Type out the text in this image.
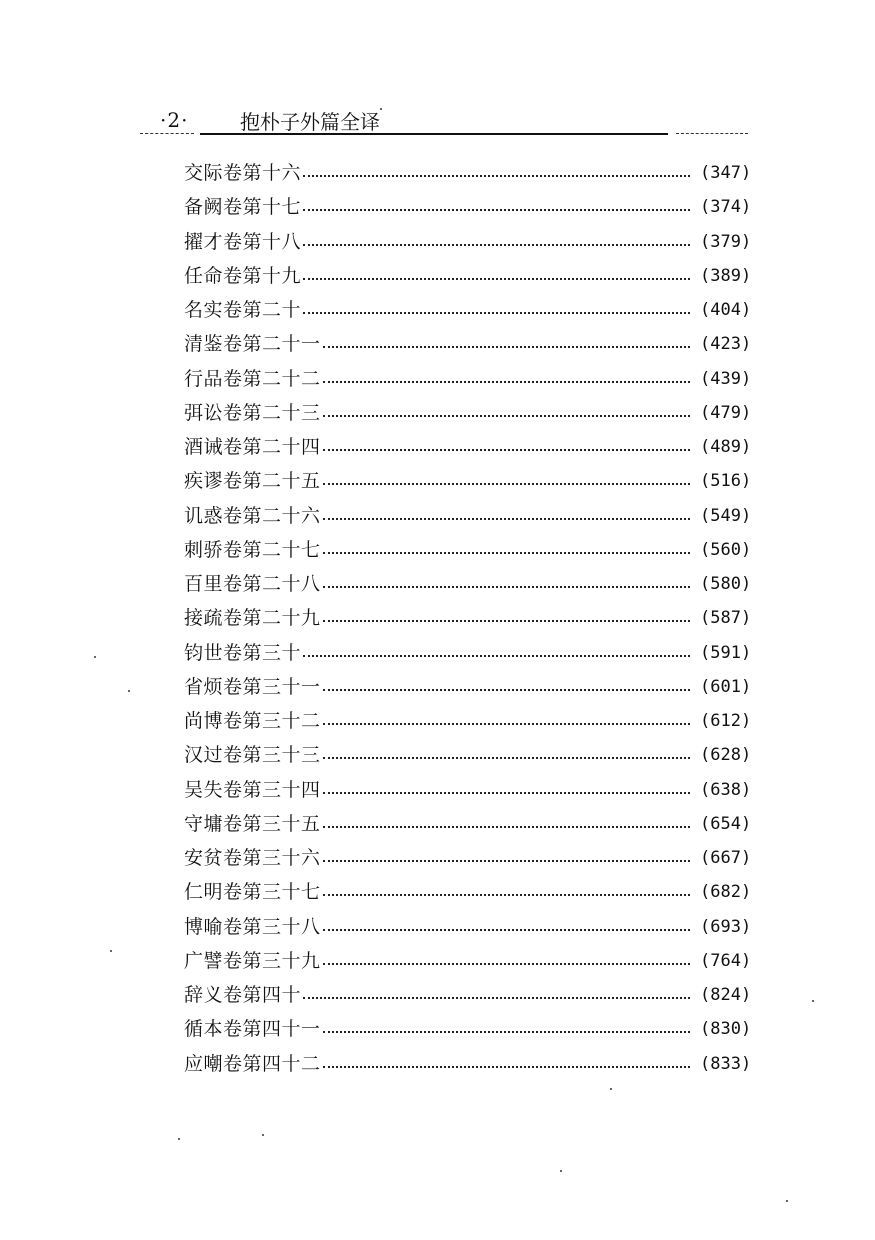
·2·	抱朴子外篇全译
交际卷第十六	(347)
备阙卷第十七	(374)
擢才卷第十八	(379)
任命卷第十九	(389)
名实卷第二十	(404)
清鉴卷第二十一	(423)
行品卷第二十二	(439)
弭讼卷第二十三	(479)
酒诫卷第二十四	(489)
疾谬卷第二十五	(516)
讥惑卷第二十六	(549)
刺骄卷第二十七	(560)
百里卷第二十八	(580)
接疏卷第二十九	(587)
钧世卷第三十	(591)
省烦卷第三十一	(601)
尚博卷第三十二	(612)
汉过卷第三十三	(628)
吴失卷第三十四	(638)
守墉卷第三十五	(654)
安贫卷第三十六	(667)
仁明卷第三十七	(682)
博喻卷第三十八	(693)
广譬卷第三十九	(764)
辞义卷第四十	(824)
循本卷第四十一	(830)
应嘲卷第四十二	(833)
